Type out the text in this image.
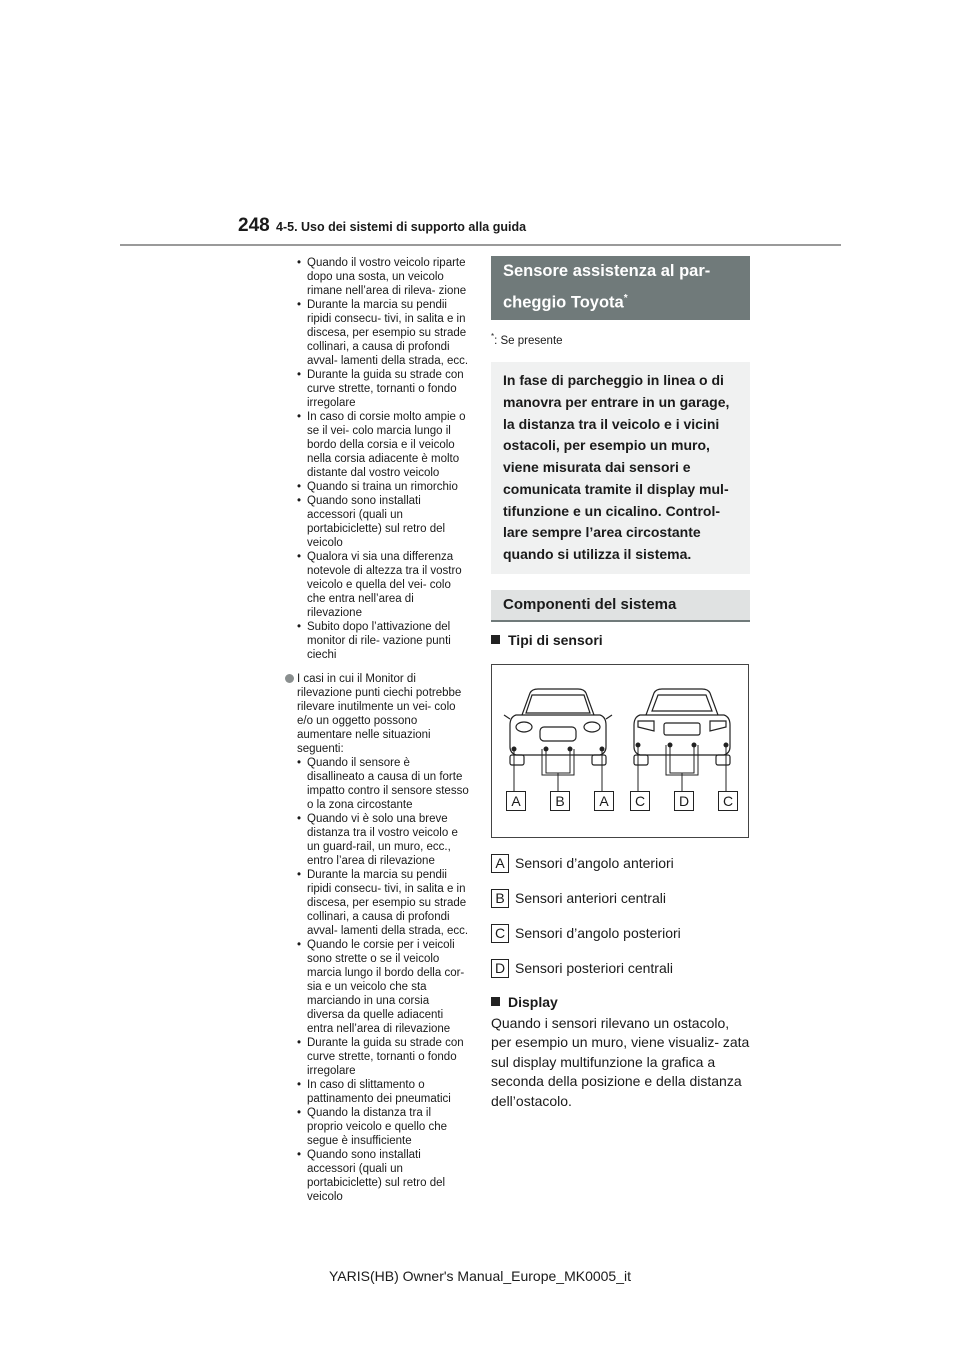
248 4-5. Uso dei sistemi di supporto alla guida
• Quando il vostro veicolo riparte dopo una sosta, un veicolo rimane nell’area di rileva- zione
• Durante la marcia su pendii ripidi consecu- tivi, in salita e in discesa, per esempio su strade collinari, a causa di profondi avval- lamenti della strada, ecc.
• Durante la guida su strade con curve strette, tornanti o fondo irregolare
• In caso di corsie molto ampie o se il vei- colo marcia lungo il bordo della corsia e il veicolo nella corsia adiacente è molto distante dal vostro veicolo
• Quando si traina un rimorchio
• Quando sono installati accessori (quali un portabiciclette) sul retro del veicolo
• Qualora vi sia una differenza notevole di altezza tra il vostro veicolo e quella del vei- colo che entra nell’area di rilevazione
• Subito dopo l’attivazione del monitor di rile- vazione punti ciechi
I casi in cui il Monitor di rilevazione punti ciechi potrebbe rilevare inutilmente un vei- colo e/o un oggetto possono aumentare nelle situazioni seguenti:
• Quando il sensore è disallineato a causa di un forte impatto contro il sensore stesso o la zona circostante
• Quando vi è solo una breve distanza tra il vostro veicolo e un guard-rail, un muro, ecc., entro l’area di rilevazione
• Durante la marcia su pendii ripidi consecu- tivi, in salita e in discesa, per esempio su strade collinari, a causa di profondi avval- lamenti della strada, ecc.
• Quando le corsie per i veicoli sono strette o se il veicolo marcia lungo il bordo della cor- sia e un veicolo che sta marciando in una corsia diversa da quelle adiacenti entra nell’area di rilevazione
• Durante la guida su strade con curve strette, tornanti o fondo irregolare
• In caso di slittamento o pattinamento dei pneumatici
• Quando la distanza tra il proprio veicolo e quello che segue è insufficiente
• Quando sono installati accessori (quali un portabiciclette) sul retro del veicolo
Sensore assistenza al par- cheggio Toyota*
*: Se presente
In fase di parcheggio in linea o di manovra per entrare in un garage, la distanza tra il veicolo e i vicini ostacoli, per esempio un muro, viene misurata dai sensori e comunicata tramite il display mul- tifunzione e un cicalino. Control- lare sempre l’area circostante quando si utilizza il sistema.
Componenti del sistema
Tipi di sensori
A	B	A	C	D	C
A Sensori d’angolo anteriori
B Sensori anteriori centrali
C Sensori d’angolo posteriori
D Sensori posteriori centrali
Display
Quando i sensori rilevano un ostacolo, per esempio un muro, viene visualiz- zata sul display multifunzione la grafica a seconda della posizione e della distanza dell’ostacolo.
YARIS(HB) Owner's Manual_Europe_MK0005_it
